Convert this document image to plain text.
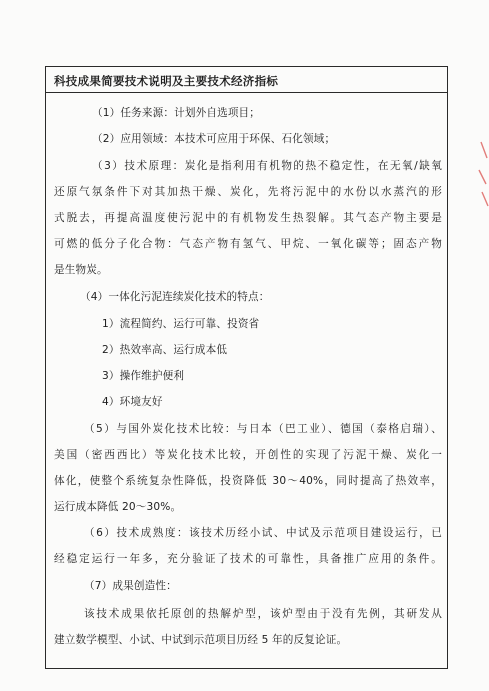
科技成果简要技术说明及主要技术经济指标
（1）任务来源：计划外自选项目；
（2）应用领域：本技术可应用于环保、石化领域；
（3）技术原理：炭化是指利用有机物的热不稳定性，在无氧/缺氧
还原气氛条件下对其加热干燥、炭化，先将污泥中的水份以水蒸汽的形
式脱去，再提高温度使污泥中的有机物发生热裂解。其气态产物主要是
可燃的低分子化合物：气态产物有氢气、甲烷、一氧化碳等；固态产物
是生物炭。
（4）一体化污泥连续炭化技术的特点：
1）流程简约、运行可靠、投资省
2）热效率高、运行成本低
3）操作维护便利
4）环境友好
（5）与国外炭化技术比较：与日本（巴工业）、德国（泰格启瑞）、
美国（密西西比）等炭化技术比较，开创性的实现了污泥干燥、炭化一
体化，使整个系统复杂性降低，投资降低 30～40%，同时提高了热效率，
运行成本降低 20～30%。
（6）技术成熟度：该技术历经小试、中试及示范项目建设运行，已
经稳定运行一年多，充分验证了技术的可靠性，具备推广应用的条件。
（7）成果创造性：
该技术成果依托原创的热解炉型，该炉型由于没有先例，其研发从
建立数学模型、小试、中试到示范项目历经 5 年的反复论证。
